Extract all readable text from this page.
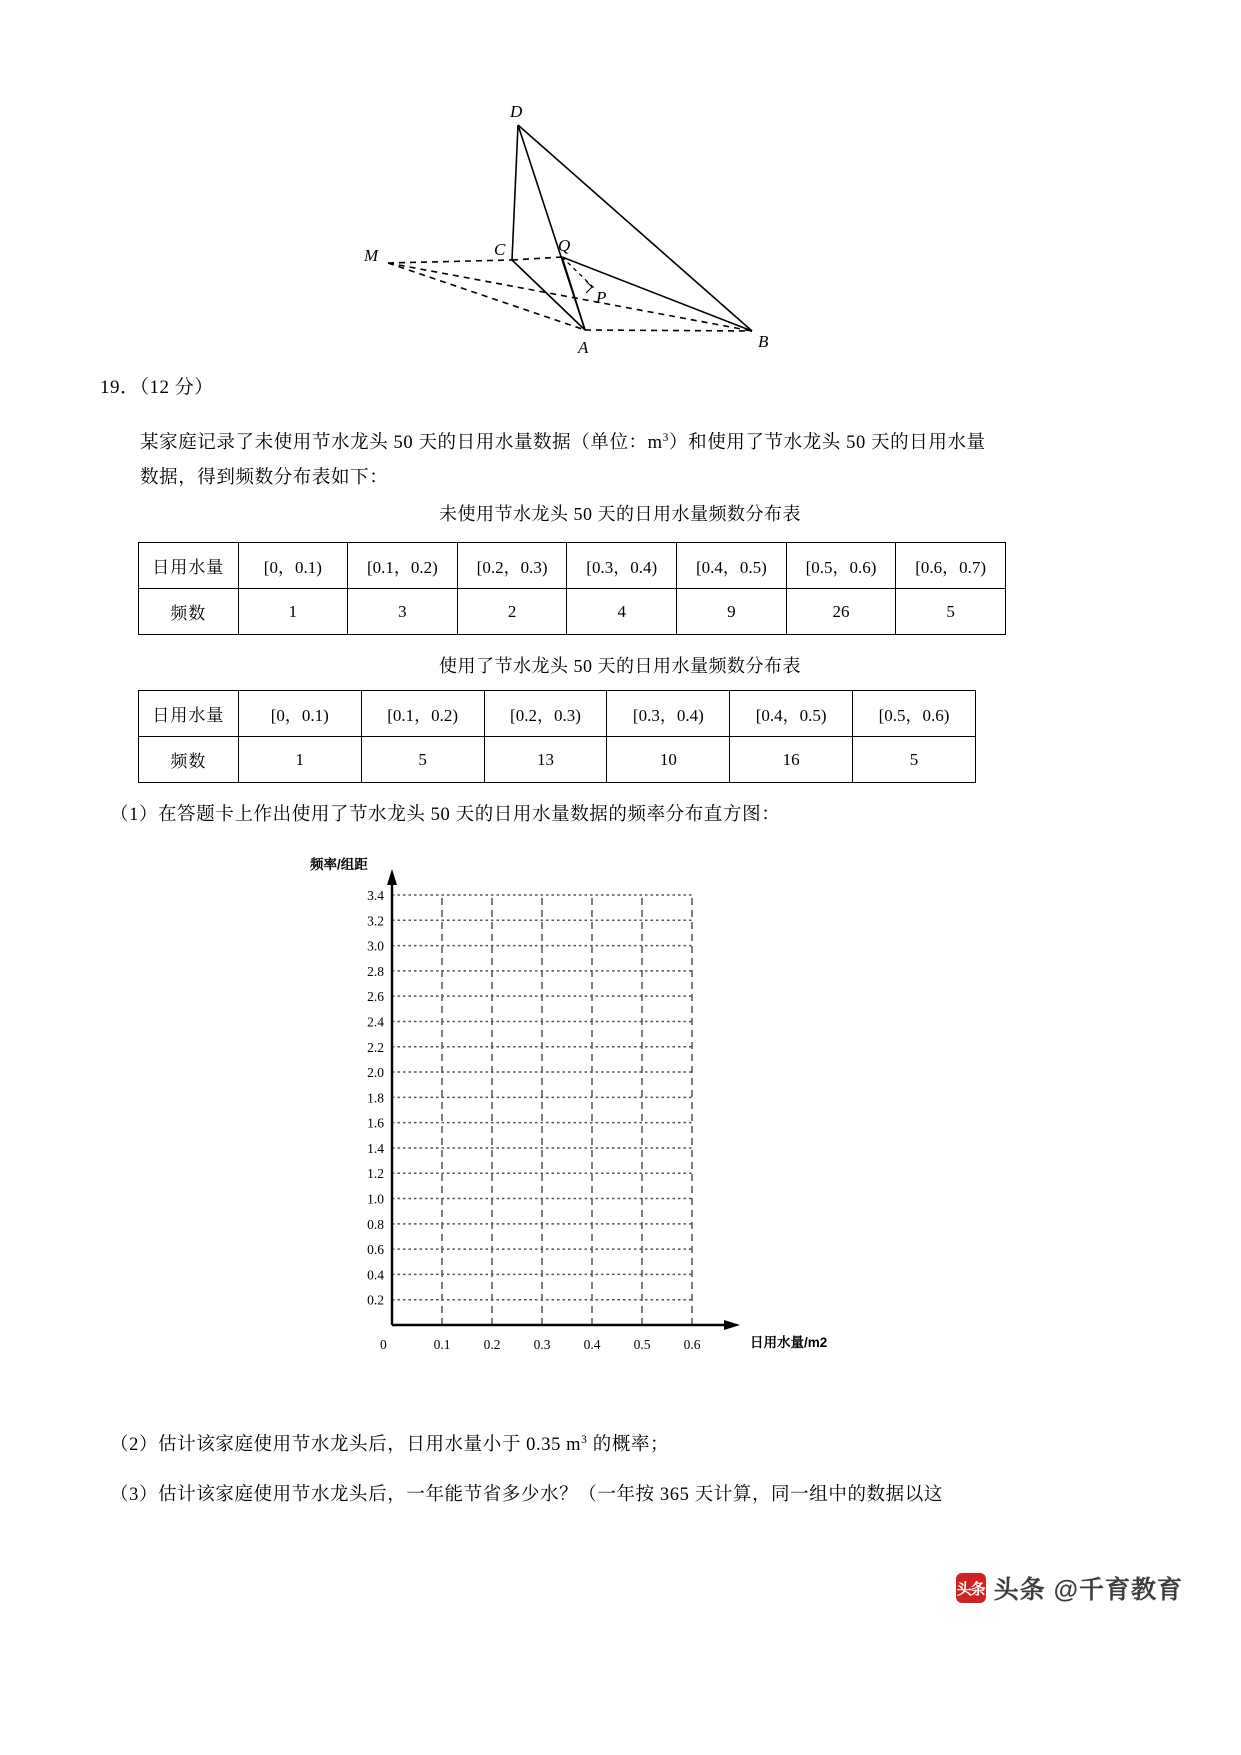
D
C	Q
M
P
A	B
19．（12 分）
某家庭记录了未使用节水龙头 50 天的日用水量数据（单位：$m^3$）和使用了节水龙头 50 天的日用水量
数据，得到频数分布表如下：
未使用节水龙头 50 天的日用水量频数分布表
日用水量	[0，0.1)	[0.1，0.2)	[0.2，0.3)	[0.3，0.4)	[0.4，0.5)	[0.5，0.6)	[0.6，0.7)
频数	1	3	2	4	9	26	5
使用了节水龙头 50 天的日用水量频数分布表
日用水量	[0，0.1)	[0.1，0.2)	[0.2，0.3)	[0.3，0.4)	[0.4，0.5)	[0.5，0.6)
频数	1	5	13	10	16	5
（1）在答题卡上作出使用了节水龙头 50 天的日用水量数据的频率分布直方图：
0.2
0.4
0.6
0.8
1.0
1.2
1.4
1.6
1.8
2.0
2.2
2.4
2.6
2.8
3.0
3.2
3.4
0.1 0.2 0.3 0.4 0.5 0.6
频率/组距
日用水量/m2
0
（2）估计该家庭使用节水龙头后，日用水量小于 0.35 $m^3$ 的概率；
（3）估计该家庭使用节水龙头后，一年能节省多少水？（一年按 365 天计算，同一组中的数据以这
头条 头条 @千育教育
